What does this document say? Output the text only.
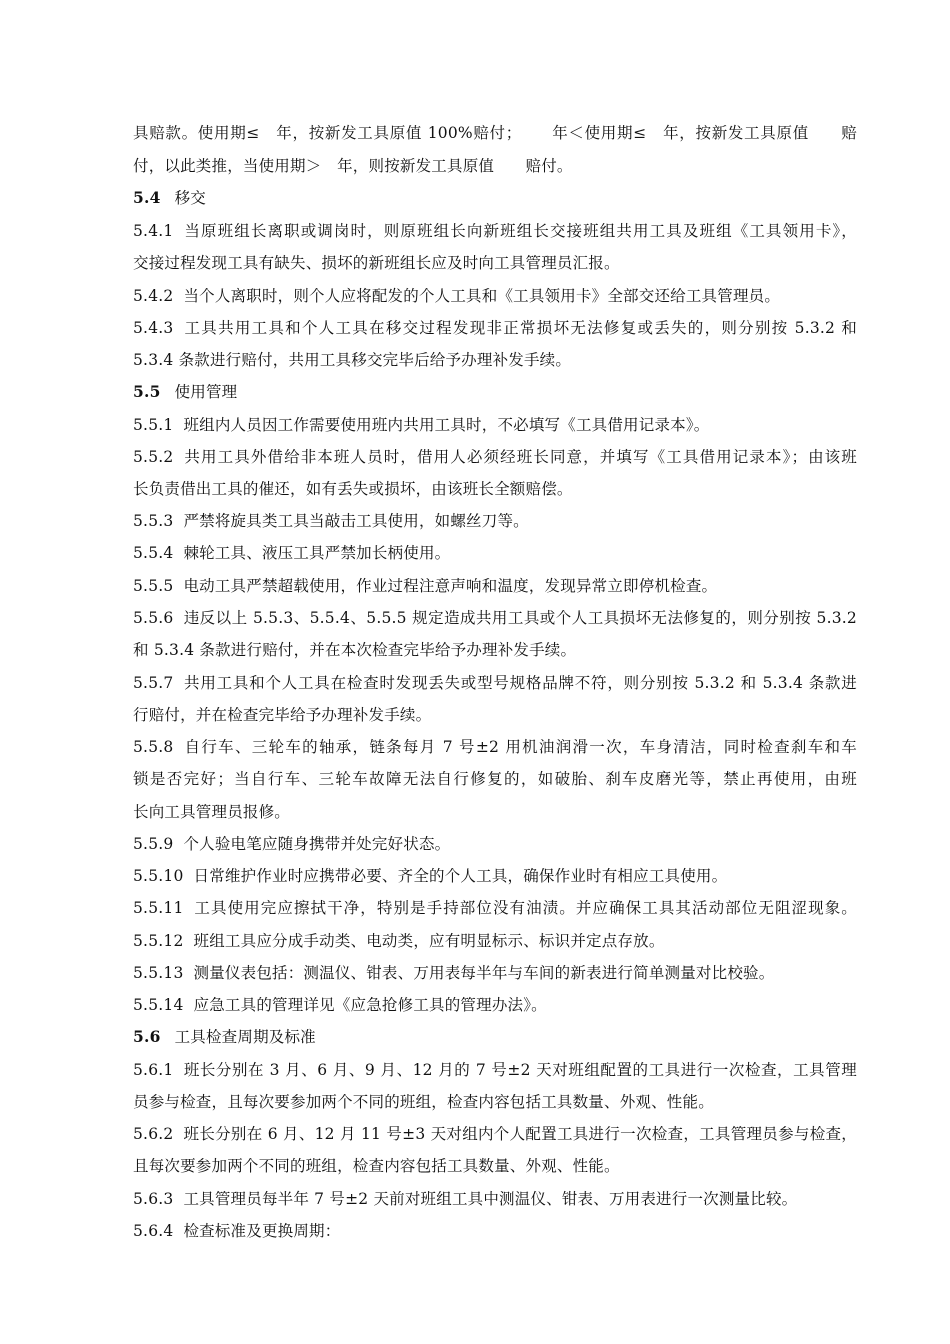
具赔款。使用期≤　年，按新发工具原值 100%赔付；　 　年＜使用期≤　年，按新发工具原值　　赔
付，以此类推，当使用期＞　年，则按新发工具原值　　赔付。
5.4 移交
5.4.1 当原班组长离职或调岗时，则原班组长向新班组长交接班组共用工具及班组《工具领用卡》，
交接过程发现工具有缺失、损坏的新班组长应及时向工具管理员汇报。
5.4.2 当个人离职时，则个人应将配发的个人工具和《工具领用卡》全部交还给工具管理员。
5.4.3 工具共用工具和个人工具在移交过程发现非正常损坏无法修复或丢失的，则分别按 5.3.2 和
5.3.4 条款进行赔付，共用工具移交完毕后给予办理补发手续。
5.5 使用管理
5.5.1 班组内人员因工作需要使用班内共用工具时，不必填写《工具借用记录本》。
5.5.2 共用工具外借给非本班人员时，借用人必须经班长同意，并填写《工具借用记录本》；由该班
长负责借出工具的催还，如有丢失或损坏，由该班长全额赔偿。
5.5.3 严禁将旋具类工具当敲击工具使用，如螺丝刀等。
5.5.4 棘轮工具、液压工具严禁加长柄使用。
5.5.5 电动工具严禁超载使用，作业过程注意声响和温度，发现异常立即停机检查。
5.5.6 违反以上 5.5.3、5.5.4、5.5.5 规定造成共用工具或个人工具损坏无法修复的，则分别按 5.3.2
和 5.3.4 条款进行赔付，并在本次检查完毕给予办理补发手续。
5.5.7 共用工具和个人工具在检查时发现丢失或型号规格品牌不符，则分别按 5.3.2 和 5.3.4 条款进
行赔付，并在检查完毕给予办理补发手续。
5.5.8 自行车、三轮车的轴承，链条每月 7 号±2 用机油润滑一次，车身清洁，同时检查刹车和车
锁是否完好；当自行车、三轮车故障无法自行修复的，如破胎、刹车皮磨光等，禁止再使用，由班
长向工具管理员报修。
5.5.9 个人验电笔应随身携带并处完好状态。
5.5.10 日常维护作业时应携带必要、齐全的个人工具，确保作业时有相应工具使用。
5.5.11 工具使用完应擦拭干净，特别是手持部位没有油渍。并应确保工具其活动部位无阻涩现象。
5.5.12 班组工具应分成手动类、电动类，应有明显标示、标识并定点存放。
5.5.13 测量仪表包括：测温仪、钳表、万用表每半年与车间的新表进行简单测量对比校验。
5.5.14 应急工具的管理详见《应急抢修工具的管理办法》。
5.6 工具检查周期及标准
5.6.1 班长分别在 3 月、6 月、9 月、12 月的 7 号±2 天对班组配置的工具进行一次检查，工具管理
员参与检查，且每次要参加两个不同的班组，检查内容包括工具数量、外观、性能。
5.6.2 班长分别在 6 月、12 月 11 号±3 天对组内个人配置工具进行一次检查，工具管理员参与检查，
且每次要参加两个不同的班组，检查内容包括工具数量、外观、性能。
5.6.3 工具管理员每半年 7 号±2 天前对班组工具中测温仪、钳表、万用表进行一次测量比较。
5.6.4 检查标准及更换周期：
